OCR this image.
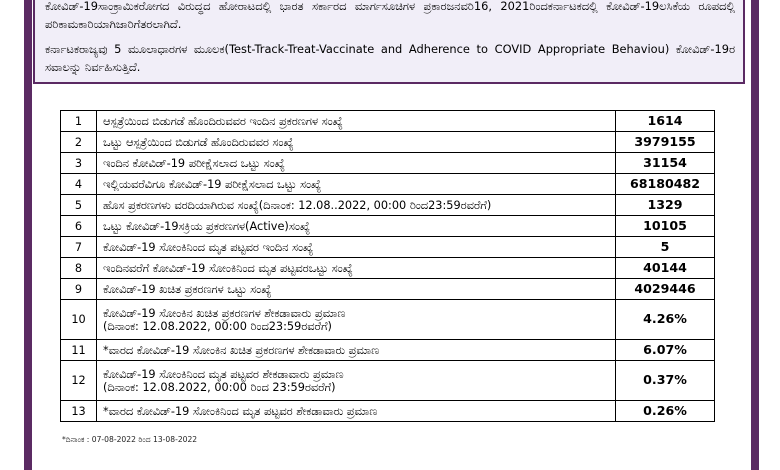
ಕೋವಿಡ್-19ಸಾಂಕ್ರಾಮಿಕರೋಗದ ವಿರುದ್ಧದ ಹೋರಾಟದಲ್ಲಿ ಭಾರತ ಸರ್ಕಾರದ ಮಾರ್ಗಸೂಚಿಗಳ ಪ್ರಕಾರಜನವರಿ16, 2021ರಿಂದಕರ್ನಾಟಕದಲ್ಲಿ ಕೋವಿಡ್-19ಲಸಿಕೆಯ ರೂಪದಲ್ಲಿ ಪರಿಕಾಮಕಾರಿಯಾಗಿಜಾರಿಗೆತರಲಾಗಿದೆ.

ಕರ್ನಾಟಕರಾಜ್ಯವು 5 ಮೂಲಾಧಾರಗಳ ಮೂಲಕ(Test-Track-Treat-Vaccinate and Adherence to COVID Appropriate Behaviou) ಕೋವಿಡ್-19ರ ಸವಾಲನ್ನು ನಿರ್ವಹಿಸುತ್ತಿದೆ.

1	ಆಸ್ಪತ್ರೆಯಿಂದ ಬಿಡುಗಡೆ ಹೊಂದಿರುವವರ ಇಂದಿನ ಪ್ರಕರಣಗಳ ಸಂಖ್ಯೆ	1614
2	ಒಟ್ಟು ಆಸ್ಪತ್ರೆಯಿಂದ ಬಿಡುಗಡೆ ಹೊಂದಿರುವವರ ಸಂಖ್ಯೆ	3979155
3	ಇಂದಿನ ಕೋವಿಡ್-19 ಪರೀಕ್ಷೆಸಲಾದ ಒಟ್ಟು ಸಂಖ್ಯೆ	31154
4	ಇಲ್ಲಿಯವರೆವಿಗೂ ಕೋವಿಡ್-19 ಪರೀಕ್ಷೆಸಲಾದ ಒಟ್ಟು ಸಂಖ್ಯೆ	68180482
5	ಹೊಸ ಪ್ರಕರಣಗಳು ವರದಿಯಾಗಿರುವ ಸಂಖ್ಯೆ(ದಿನಾಂಕ: 12.08..2022, 00:00 ರಿಂದ23:59ರವರೆಗೆ)	1329
6	ಒಟ್ಟು ಕೋವಿಡ್-19ಸಕ್ರಿಯ ಪ್ರಕರಣಗಳ(Active)ಸಂಖ್ಯೆ	10105
7	ಕೋವಿಡ್-19 ಸೋಂಕಿನಿಂದ ಮೃತ ಪಟ್ಟವರ ಇಂದಿನ ಸಂಖ್ಯೆ	5
8	ಇಂದಿನವರೆಗೆ ಕೋವಿಡ್-19 ಸೋಂಕಿನಿಂದ ಮೃತ ಪಟ್ಟವರಒಟ್ಟು ಸಂಖ್ಯೆ	40144
9	ಕೋವಿಡ್-19 ಖಚಿತ ಪ್ರಕರಣಗಳ ಒಟ್ಟು ಸಂಖ್ಯೆ	4029446
10	ಕೋವಿಡ್-19 ಸೋಂಕಿನ ಖಚಿತ ಪ್ರಕರಣಗಳ ಶೇಕಡಾವಾರು ಪ್ರಮಾಣ
(ದಿನಾಂಕ: 12.08.2022, 00:00 ರಿಂದ23:59ರವರೆಗೆ)	4.26%
11	*ವಾರದ ಕೋವಿಡ್-19 ಸೋಂಕಿನ ಖಚಿತ ಪ್ರಕರಣಗಳ ಶೇಕಡಾವಾರು ಪ್ರಮಾಣ	6.07%
12	ಕೋವಿಡ್-19 ಸೋಂಕಿನಿಂದ ಮೃತ ಪಟ್ಟವರ ಶೇಕಡಾವಾರು ಪ್ರಮಾಣ
(ದಿನಾಂಕ: 12.08.2022, 00:00 ರಿಂದ 23:59ರವರೆಗೆ)	0.37%
13	*ವಾರದ ಕೋವಿಡ್-19 ಸೋಂಕಿನಿಂದ ಮೃತ ಪಟ್ಟವರ ಶೇಕಡಾವಾರು ಪ್ರಮಾಣ	0.26%
*ದಿನಾಂಕ : 07-08-2022 ರಿಂದ 13-08-2022
